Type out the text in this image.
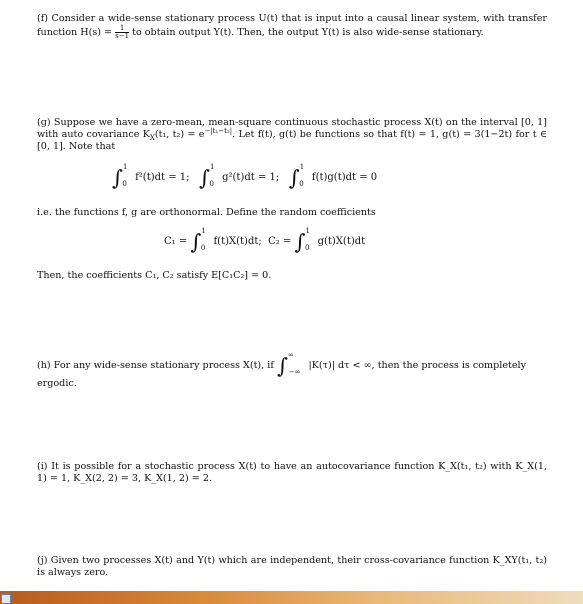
(f) Consider a wide-sense stationary process U(t) that is input into a causal linear system, with transfer function $H(s) = \frac{1}{s-1}$ to obtain output Y(t). Then, the output Y(t) is also wide-sense stationary.

(g) Suppose we have a zero-mean, mean-square continuous stochastic process X(t) on the interval [0, 1] with auto covariance $K_X(t_1$, $t_2) = e^{-|t_1-t_2|}$. Let f(t), g(t) be functions so that f(t) = 1, g(t) = 3(1−2t) for t ∈ [0, 1]. Note that

∫$^1_0$ f²(t)dt = 1; ∫$^1_0$ g²(t)dt = 1; ∫$^1_0$ f(t)g(t)dt = 0

i.e. the functions f, g are orthonormal. Define the random coefficients

C₁ = ∫$^1_0$ f(t)X(t)dt; C₂ = ∫$^1_0$ g(t)X(t)dt

Then, the coefficients C₁, C₂ satisfy E[C₁C₂] = 0.

(h) For any wide-sense stationary process X(t), if $\int^\infty_{-\infty}$ |K(τ)| dτ < ∞, then the process is completely

ergodic.

(i) It is possible for a stochastic process X(t) to have an autocovariance function K_X(t₁, t₂) with K_X(1, 1) = 1, K_X(2, 2) = 3, K_X(1, 2) = 2.

(j) Given two processes X(t) and Y(t) which are independent, their cross-covariance function K_XY(t₁, t₂) is always zero.
